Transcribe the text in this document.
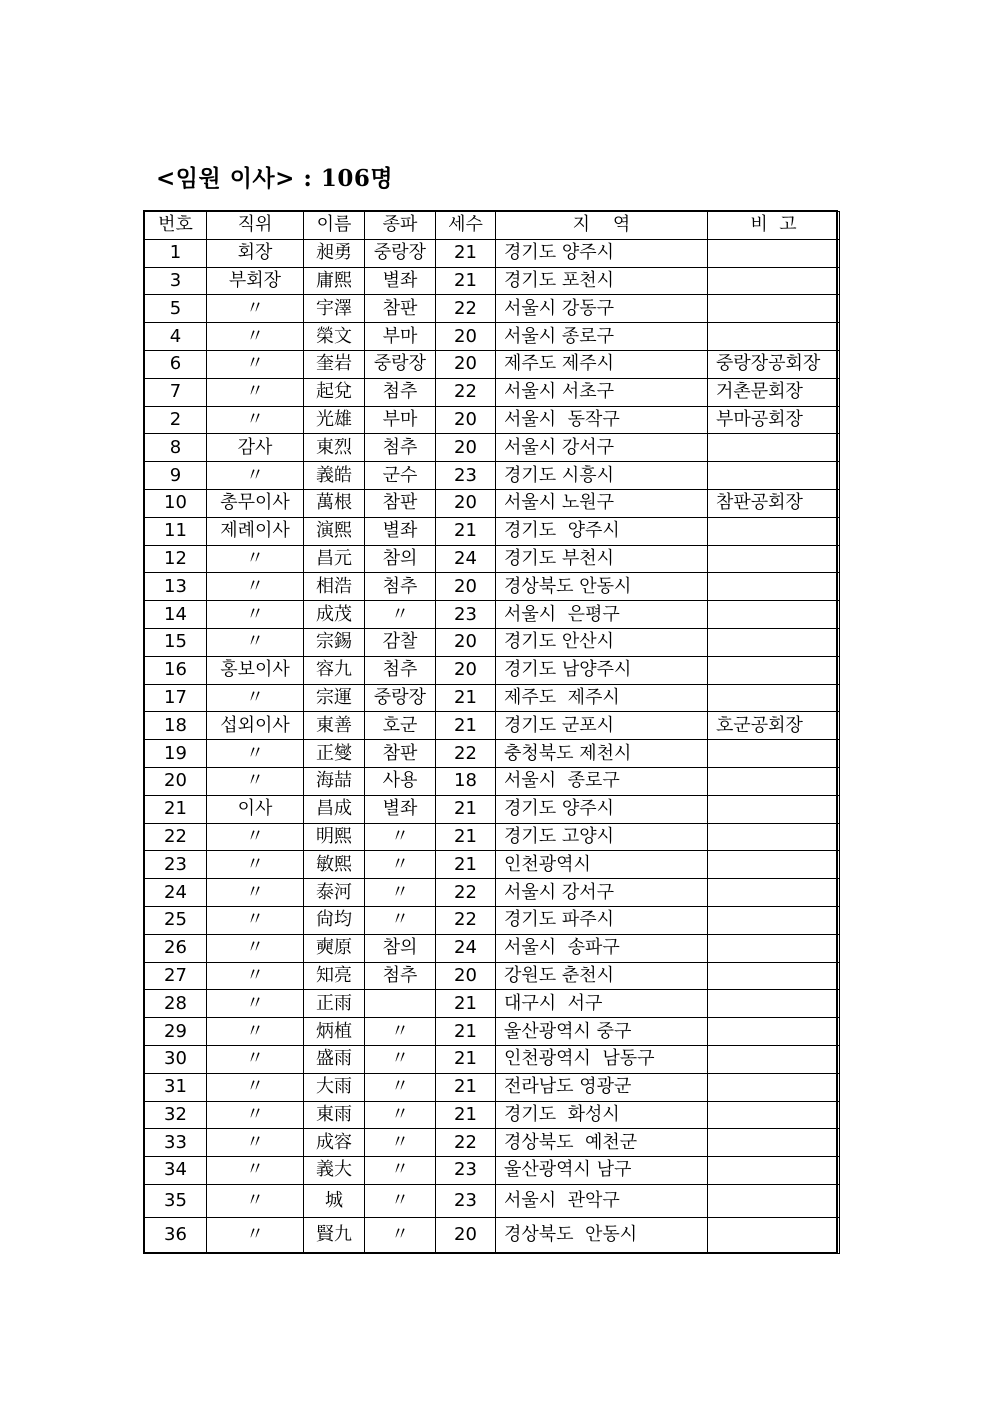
<임원 이사> : 106명
번호	직위	이름	종파	세수	지    역	비  고
1	회장	昶勇	중랑장	21	경기도 양주시	
3	부회장	庸熙	별좌	21	경기도 포천시	
5	〃	宇澤	참판	22	서울시 강동구	
4	〃	榮文	부마	20	서울시 종로구	
6	〃	奎岩	중랑장	20	제주도 제주시	중랑장공회장
7	〃	起兌	첨추	22	서울시 서초구	거촌문회장
2	〃	光雄	부마	20	서울시  동작구	부마공회장
8	감사	東烈	첨추	20	서울시 강서구	
9	〃	義皓	군수	23	경기도 시흥시	
10	총무이사	萬根	참판	20	서울시 노원구	참판공회장
11	제례이사	演熙	별좌	21	경기도  양주시	
12	〃	昌元	참의	24	경기도 부천시	
13	〃	相浩	첨추	20	경상북도 안동시	
14	〃	成茂	〃	23	서울시  은평구	
15	〃	宗錫	감찰	20	경기도 안산시	
16	홍보이사	容九	첨추	20	경기도 남양주시	
17	〃	宗運	중랑장	21	제주도  제주시	
18	섭외이사	東善	호군	21	경기도 군포시	호군공회장
19	〃	正燮	참판	22	충청북도 제천시	
20	〃	海喆	사용	18	서울시  종로구	
21	이사	昌成	별좌	21	경기도 양주시	
22	〃	明熙	〃	21	경기도 고양시	
23	〃	敏熙	〃	21	인천광역시	
24	〃	泰河	〃	22	서울시 강서구	
25	〃	尙均	〃	22	경기도 파주시	
26	〃	奭原	참의	24	서울시  송파구	
27	〃	知亮	첨추	20	강원도 춘천시	
28	〃	正雨		21	대구시  서구	
29	〃	炳植	〃	21	울산광역시 중구	
30	〃	盛雨	〃	21	인천광역시  남동구	
31	〃	大雨	〃	21	전라남도 영광군	
32	〃	東雨	〃	21	경기도  화성시	
33	〃	成容	〃	22	경상북도  예천군	
34	〃	義大	〃	23	울산광역시 남구	
35	〃	城	〃	23	서울시  관악구	
36	〃	賢九	〃	20	경상북도  안동시	
